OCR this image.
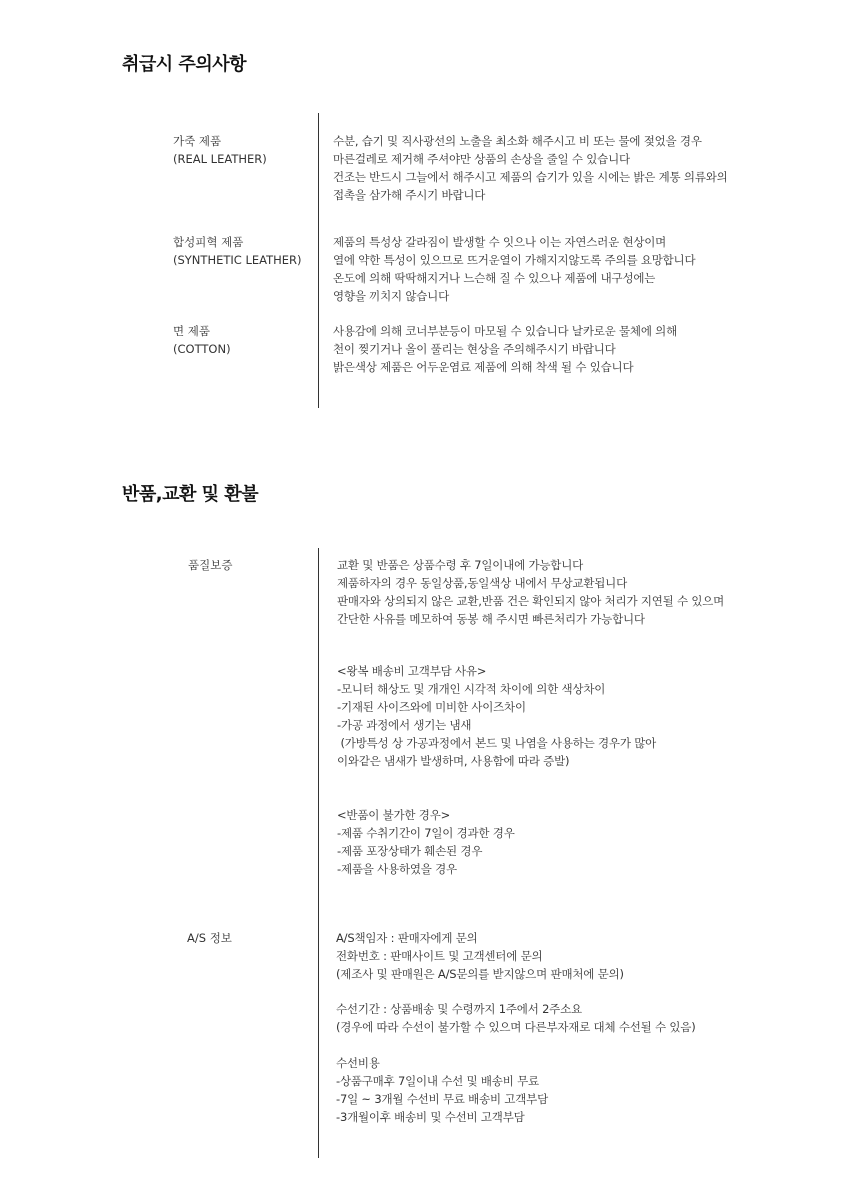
취급시 주의사항
가죽 제품
(REAL LEATHER)
수분, 습기 및 직사광선의 노출을 최소화 해주시고 비 또는 물에 젖었을 경우
마른걸레로 제거해 주셔야만 상품의 손상을 줄일 수 있습니다
건조는 반드시 그늘에서 해주시고 제품의 습기가 있을 시에는 밝은 계통 의류와의
접촉을 삼가해 주시기 바랍니다
합성피혁 제품
(SYNTHETIC LEATHER)
제품의 특성상 갈라짐이 발생할 수 잇으나 이는 자연스러운 현상이며
열에 약한 특성이 있으므로 뜨거운열이 가해지지않도록 주의를 요망합니다
온도에 의해 딱딱해지거나 느슨해 질 수 있으나 제품에 내구성에는
영향을 끼치지 않습니다
면 제품
(COTTON)
사용감에 의해 코너부분등이 마모될 수 있습니다 날카로운 물체에 의해
천이 찢기거나 올이 풀리는 현상을 주의해주시기 바랍니다
밝은색상 제품은 어두운염료 제품에 의해 착색 될 수 있습니다
반품,교환 및 환불
품질보증	교환 및 반품은 상품수령 후 7일이내에 가능합니다
제품하자의 경우 동일상품,동일색상 내에서 무상교환됩니다
판매자와 상의되지 않은 교환,반품 건은 확인되지 않아 처리가 지연될 수 있으며
간단한 사유를 메모하여 동봉 해 주시면 빠른처리가 가능합니다
<왕복 배송비 고객부담 사유>
-모니터 해상도 및 개개인 시각적 차이에 의한 색상차이
-기재된 사이즈와에 미비한 사이즈차이
-가공 과정에서 생기는 냄새
(가방특성 상 가공과정에서 본드 및 나염을 사용하는 경우가 많아
이와같은 냄새가 발생하며, 사용함에 따라 증발)
<반품이 불가한 경우>
-제품 수취기간이 7일이 경과한 경우
-제품 포장상태가 훼손된 경우
-제품을 사용하였을 경우
A/S 정보	A/S책임자 : 판매자에게 문의
전화번호 : 판매사이트 및 고객센터에 문의
(제조사 및 판매원은 A/S문의를 받지않으며 판매처에 문의)
수선기간 : 상품배송 및 수령까지 1주에서 2주소요
(경우에 따라 수선이 불가할 수 있으며 다른부자재로 대체 수선될 수 있음)
수선비용
-상품구매후 7일이내 수선 및 배송비 무료
-7일 ~ 3개월 수선비 무료 배송비 고객부담
-3개월이후 배송비 및 수선비 고객부담
